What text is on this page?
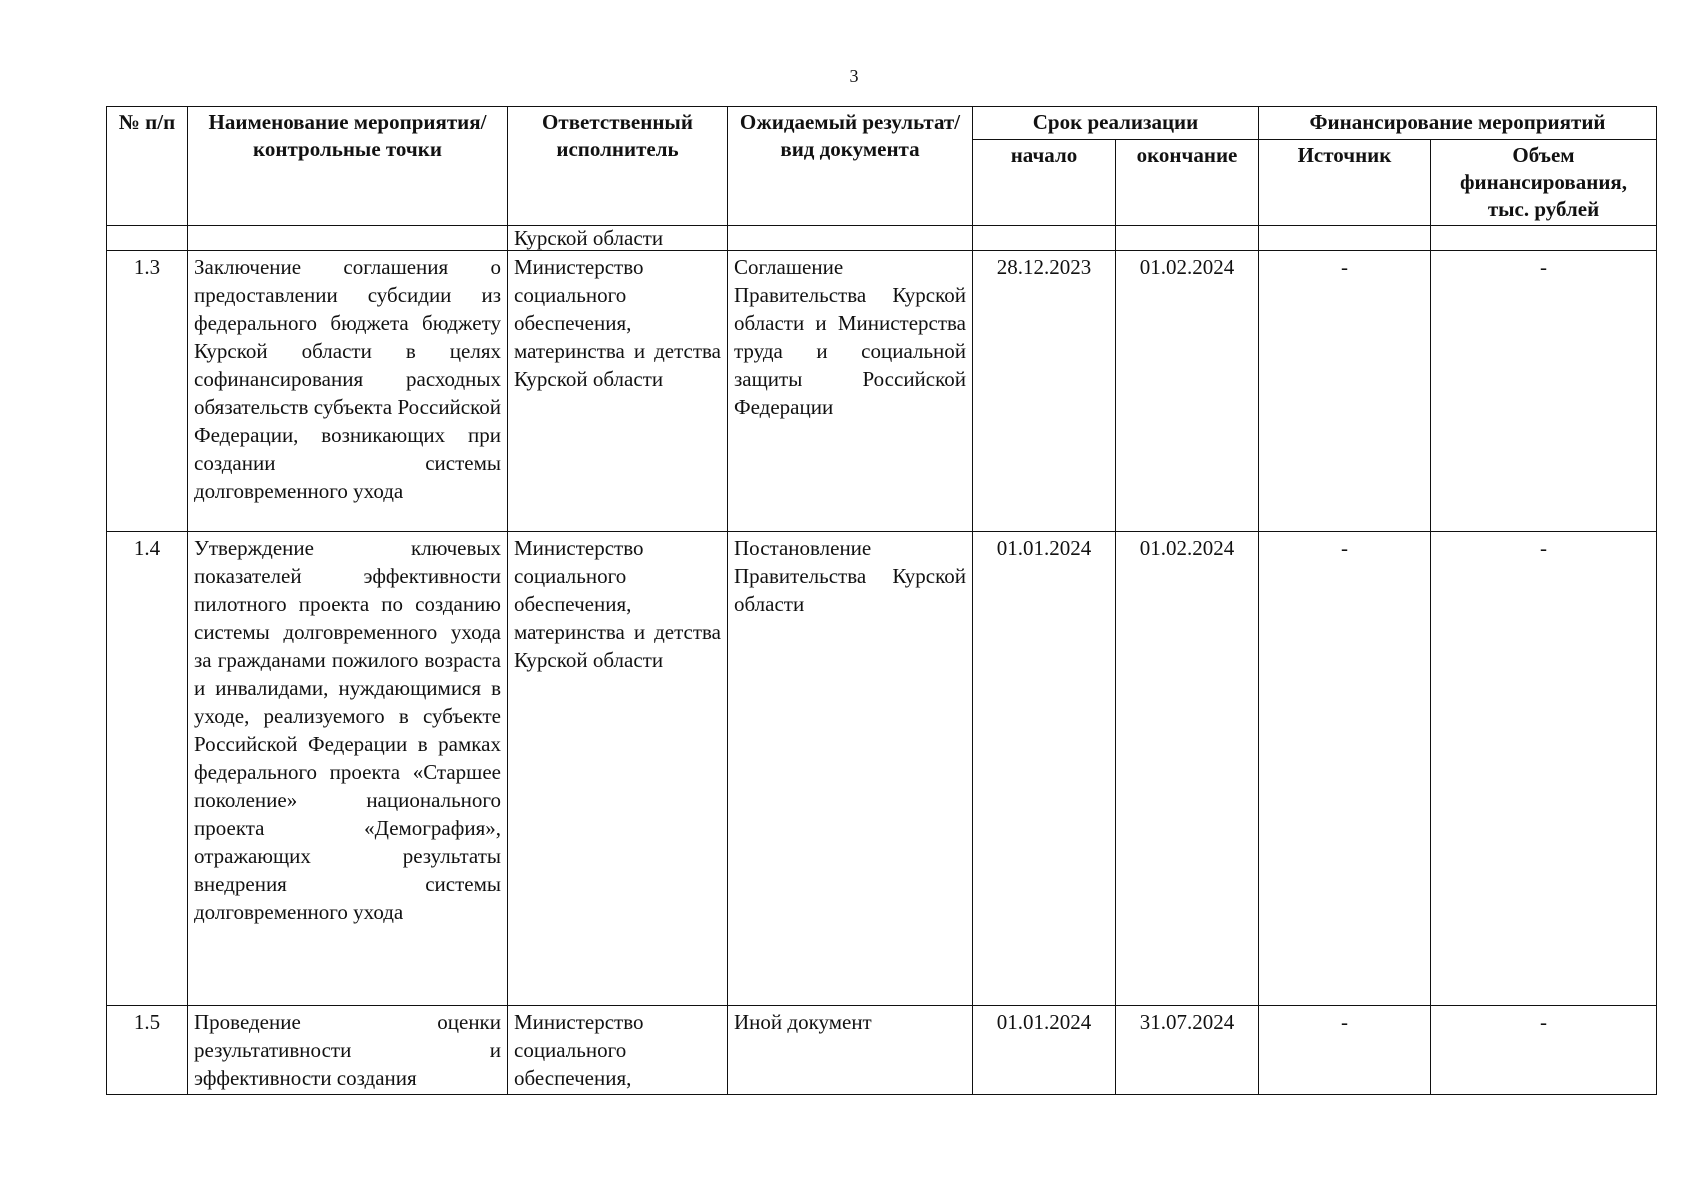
3
№ п/п	Наименование мероприятия/контрольные точки	Ответственный исполнитель	Ожидаемый результат/вид документа	Срок реализации		Финансирование мероприятий	
				начало	окончание	Источник	Объем финансирования, тыс. рублей
		Курской области					
1.3	Заключение соглашения о предоставлении субсидии из федерального бюджета бюджету Курской области в целях софинансирования расходных обязательств субъекта Российской Федерации, возникающих при создании системы долговременного ухода	Министерство социального обеспечения, материнства и детства Курской области	Соглашение Правительства Курской области и Министерства труда и социальной защиты Российской Федерации	28.12.2023	01.02.2024	-	-
1.4	Утверждение ключевых показателей эффективности пилотного проекта по созданию системы долговременного ухода за гражданами пожилого возраста и инвалидами, нуждающимися в уходе, реализуемого в субъекте Российской Федерации в рамках федерального проекта «Старшее поколение» национального проекта «Демография», отражающих результаты внедрения системы долговременного ухода	Министерство социального обеспечения, материнства и детства Курской области	Постановление Правительства Курской области	01.01.2024	01.02.2024	-	-
1.5	Проведение оценки результативности и эффективности создания	Министерство социального обеспечения,	Иной документ	01.01.2024	31.07.2024	-	-
